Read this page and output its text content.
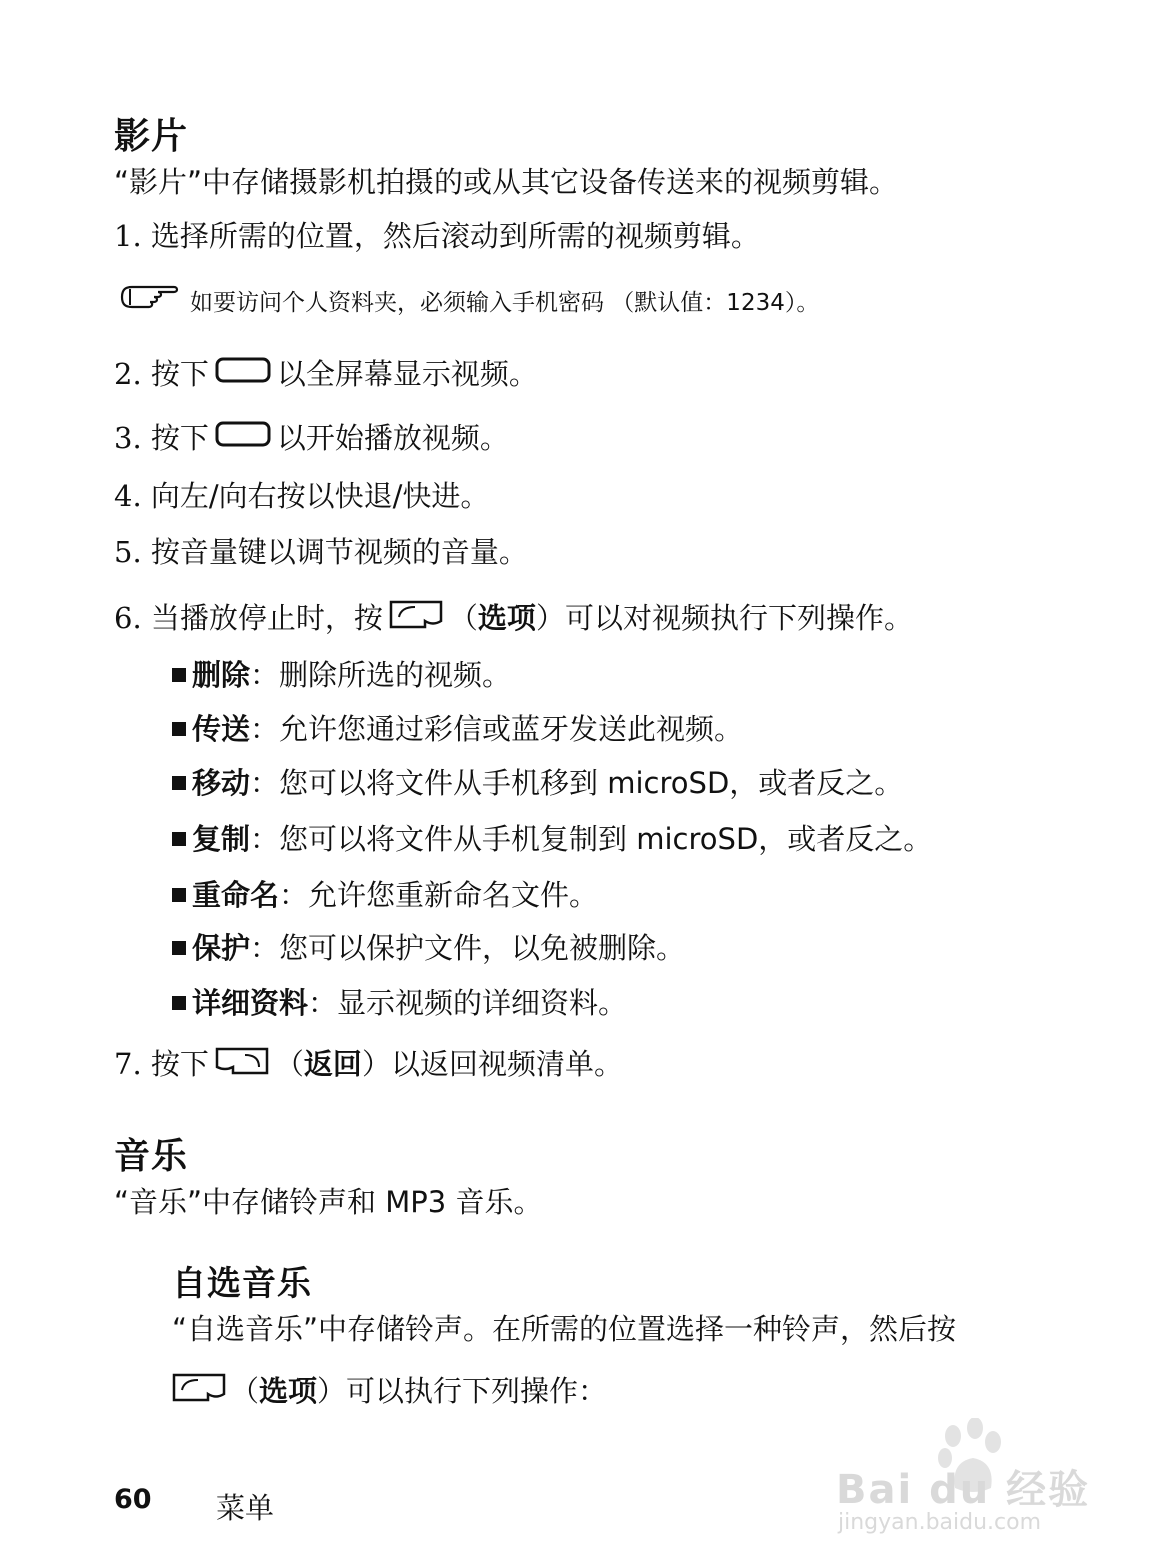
影片
“影片”中存储摄影机拍摄的或从其它设备传送来的视频剪辑。
1.
选择所需的位置，然后滚动到所需的视频剪辑。
如要访问个人资料夹，必须输入手机密码 （默认值：1234）。
2.
按下 以全屏幕显示视频。
3.
按下 以开始播放视频。
4.
向左/向右按以快退/快进。
5.
按音量键以调节视频的音量。
6.
当播放停止时，按 （ 选项 ）可以对视频执行下列操作。
删除 ： 删除所选的视频。
传送 ： 允许您通过彩信或蓝牙发送此视频。
移动 ： 您可以将文件从手机移到 microSD，或者反之。
复制 ： 您可以将文件从手机复制到 microSD，或者反之。
重命名 ： 允许您重新命名文件。
保护 ： 您可以保护文件，以免被删除。
详细资料 ： 显示视频的详细资料。
7.
按下 （ 返回 ）以返回视频清单。
音乐
“音乐”中存储铃声和 MP3 音乐。
自选音乐
“自选音乐”中存储铃声。在所需的位置选择一种铃声，然后按
（ 选项 ）可以执行下列操作：
Bai du 经验
jingyan.baidu.com
60 菜单
